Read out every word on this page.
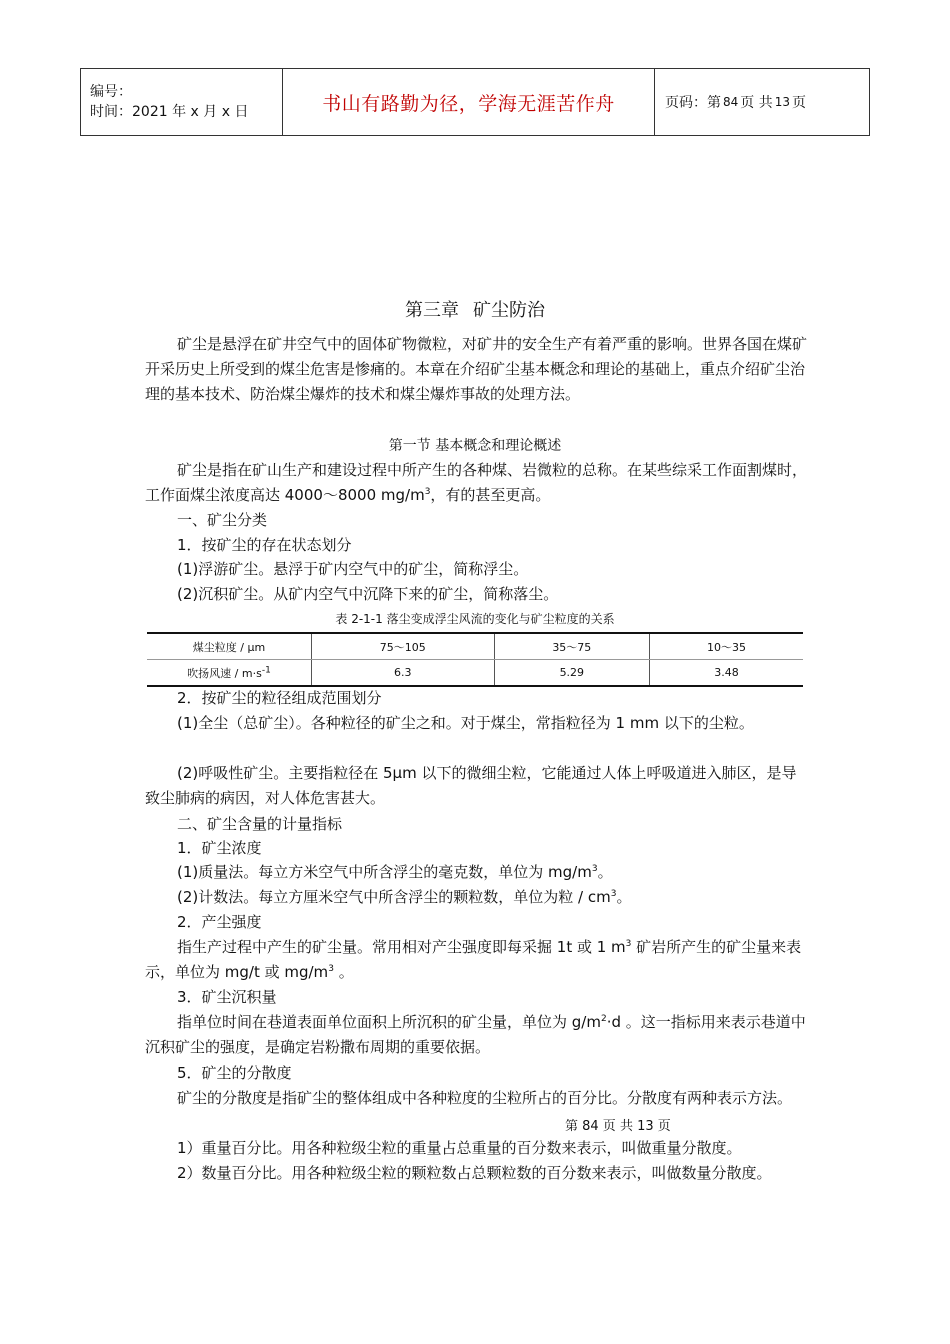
编号：
时间：2021 年 x 月 x 日	书山有路勤为径，学海无涯苦作舟	页码：第 84 页 共 13 页
第三章 矿尘防治

矿尘是悬浮在矿井空气中的固体矿物微粒，对矿井的安全生产有着严重的影响。世界各国在煤矿开采历史上所受到的煤尘危害是惨痛的。本章在介绍矿尘基本概念和理论的基础上，重点介绍矿尘治理的基本技术、防治煤尘爆炸的技术和煤尘爆炸事故的处理方法。

第一节 基本概念和理论概述

矿尘是指在矿山生产和建设过程中所产生的各种煤、岩微粒的总称。在某些综采工作面割煤时，工作面煤尘浓度高达 4000～8000 $mg/m^3$，有的甚至更高。

一、矿尘分类

1．按矿尘的存在状态划分

(1)浮游矿尘。悬浮于矿内空气中的矿尘，简称浮尘。

(2)沉积矿尘。从矿内空气中沉降下来的矿尘，简称落尘。

表 2-1-1 落尘变成浮尘风流的变化与矿尘粒度的关系
煤尘粒度 / μm	75～105	35～75	10～35
吹扬风速 / $m\cdot s^{-1}$	6.3	5.29	3.48

2．按矿尘的粒径组成范围划分

(1)全尘（总矿尘）。各种粒径的矿尘之和。对于煤尘，常指粒径为 1 mm 以下的尘粒。

(2)呼吸性矿尘。主要指粒径在 5μm 以下的微细尘粒，它能通过人体上呼吸道进入肺区，是导致尘肺病的病因，对人体危害甚大。

二、矿尘含量的计量指标

1．矿尘浓度

(1)质量法。每立方米空气中所含浮尘的毫克数，单位为 $mg/m^3$。

(2)计数法。每立方厘米空气中所含浮尘的颗粒数，单位为粒 / $cm^3$。

2．产尘强度

指生产过程中产生的矿尘量。常用相对产尘强度即每采掘 1t 或 1 $m^3$ 矿岩所产生的矿尘量来表示，单位为 mg/t 或 $mg/m^3$ 。

3．矿尘沉积量

指单位时间在巷道表面单位面积上所沉积的矿尘量，单位为 $g/m^2\cdot d$ 。这一指标用来表示巷道中沉积矿尘的强度，是确定岩粉撒布周期的重要依据。

5．矿尘的分散度

矿尘的分散度是指矿尘的整体组成中各种粒度的尘粒所占的百分比。分散度有两种表示方法。

第 84 页 共 13 页

1）重量百分比。用各种粒级尘粒的重量占总重量的百分数来表示，叫做重量分散度。

2）数量百分比。用各种粒级尘粒的颗粒数占总颗粒数的百分数来表示，叫做数量分散度。
